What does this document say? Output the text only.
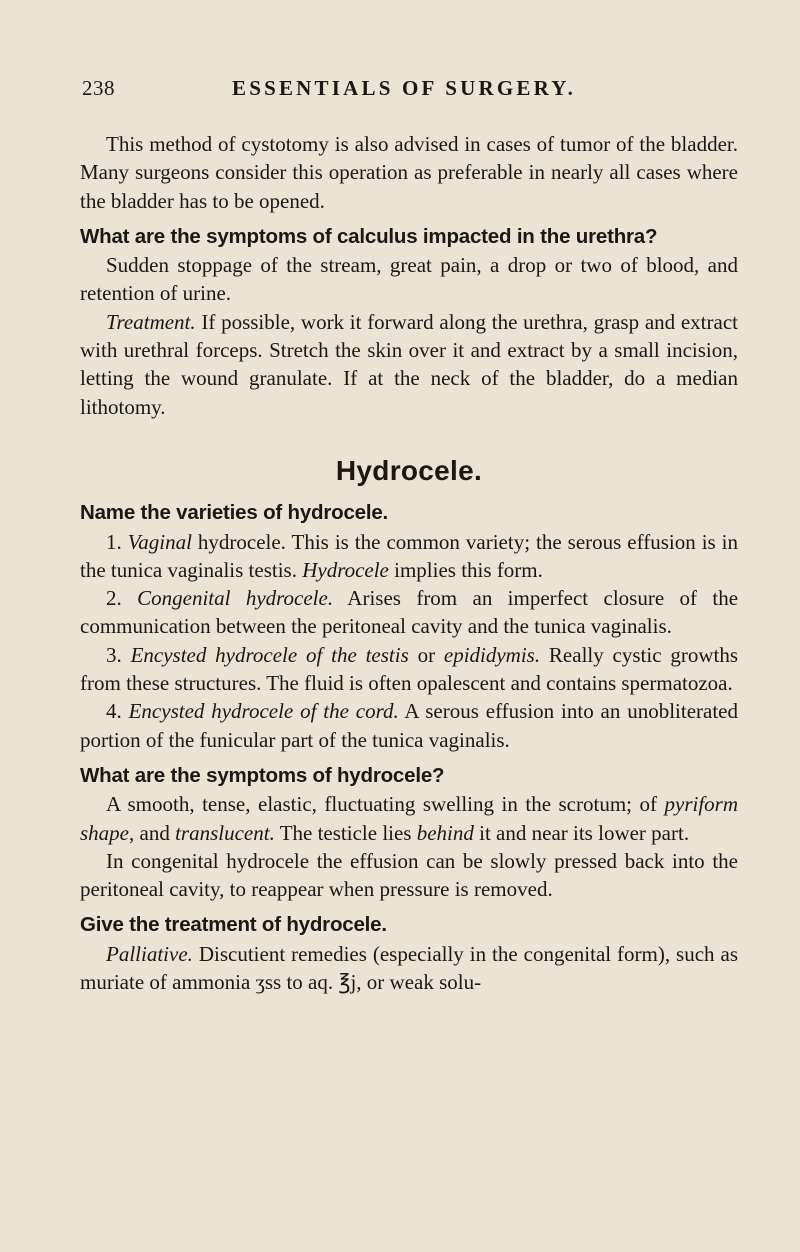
238	ESSENTIALS OF SURGERY.

This method of cystotomy is also advised in cases of tumor of the bladder. Many surgeons consider this operation as preferable in nearly all cases where the bladder has to be opened.

What are the symptoms of calculus impacted in the urethra?

Sudden stoppage of the stream, great pain, a drop or two of blood, and retention of urine.

Treatment. If possible, work it forward along the urethra, grasp and extract with urethral forceps. Stretch the skin over it and extract by a small incision, letting the wound granulate. If at the neck of the bladder, do a median lithotomy.

Hydrocele.

Name the varieties of hydrocele.

1. Vaginal hydrocele. This is the common variety; the serous effusion is in the tunica vaginalis testis. Hydrocele implies this form.

2. Congenital hydrocele. Arises from an imperfect closure of the communication between the peritoneal cavity and the tunica vaginalis.

3. Encysted hydrocele of the testis or epididymis. Really cystic growths from these structures. The fluid is often opalescent and contains spermatozoa.

4. Encysted hydrocele of the cord. A serous effusion into an unobliterated portion of the funicular part of the tunica vaginalis.

What are the symptoms of hydrocele?

A smooth, tense, elastic, fluctuating swelling in the scrotum; of pyriform shape, and translucent. The testicle lies behind it and near its lower part.

In congenital hydrocele the effusion can be slowly pressed back into the peritoneal cavity, to reappear when pressure is removed.

Give the treatment of hydrocele.

Palliative. Discutient remedies (especially in the congenital form), such as muriate of ammonia ʒss to aq. ℥j, or weak solu-
